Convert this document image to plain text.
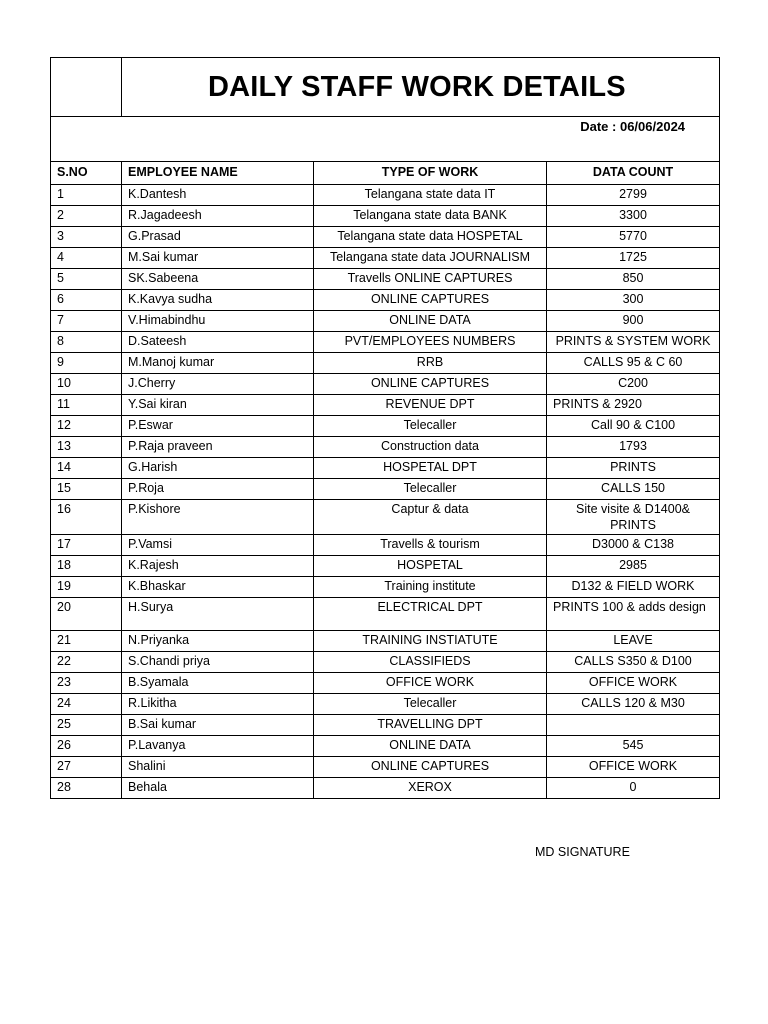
	DAILY STAFF WORK DETAILS		
Date : 06/06/2024			
S.NO	EMPLOYEE NAME	TYPE OF WORK	DATA COUNT
1	K.Dantesh	Telangana state data IT	2799
2	R.Jagadeesh	Telangana state data BANK	3300
3	G.Prasad	Telangana state data HOSPETAL	5770
4	M.Sai kumar	Telangana state data JOURNALISM	1725
5	SK.Sabeena	Travells ONLINE CAPTURES	850
6	K.Kavya sudha	ONLINE CAPTURES	300
7	V.Himabindhu	ONLINE DATA	900
8	D.Sateesh	PVT/EMPLOYEES NUMBERS	PRINTS & SYSTEM WORK
9	M.Manoj kumar	RRB	CALLS 95 & C 60
10	J.Cherry	ONLINE CAPTURES	C200
11	Y.Sai kiran	REVENUE DPT	PRINTS & 2920
12	P.Eswar	Telecaller	Call 90 & C100
13	P.Raja praveen	Construction data	1793
14	G.Harish	HOSPETAL DPT	PRINTS
15	P.Roja	Telecaller	CALLS 150
16	P.Kishore	Captur & data	Site visite & D1400& PRINTS
17	P.Vamsi	Travells & tourism	D3000 & C138
18	K.Rajesh	HOSPETAL	2985
19	K.Bhaskar	Training institute	D132 & FIELD WORK
20	H.Surya	ELECTRICAL DPT	PRINTS 100 & adds design
21	N.Priyanka	TRAINING INSTIATUTE	LEAVE
22	S.Chandi priya	CLASSIFIEDS	CALLS S350 & D100
23	B.Syamala	OFFICE WORK	OFFICE WORK
24	R.Likitha	Telecaller	CALLS 120 & M30
25	B.Sai kumar	TRAVELLING DPT	
26	P.Lavanya	ONLINE DATA	545
27	Shalini	ONLINE CAPTURES	OFFICE WORK
28	Behala	XEROX	0
MD SIGNATURE
